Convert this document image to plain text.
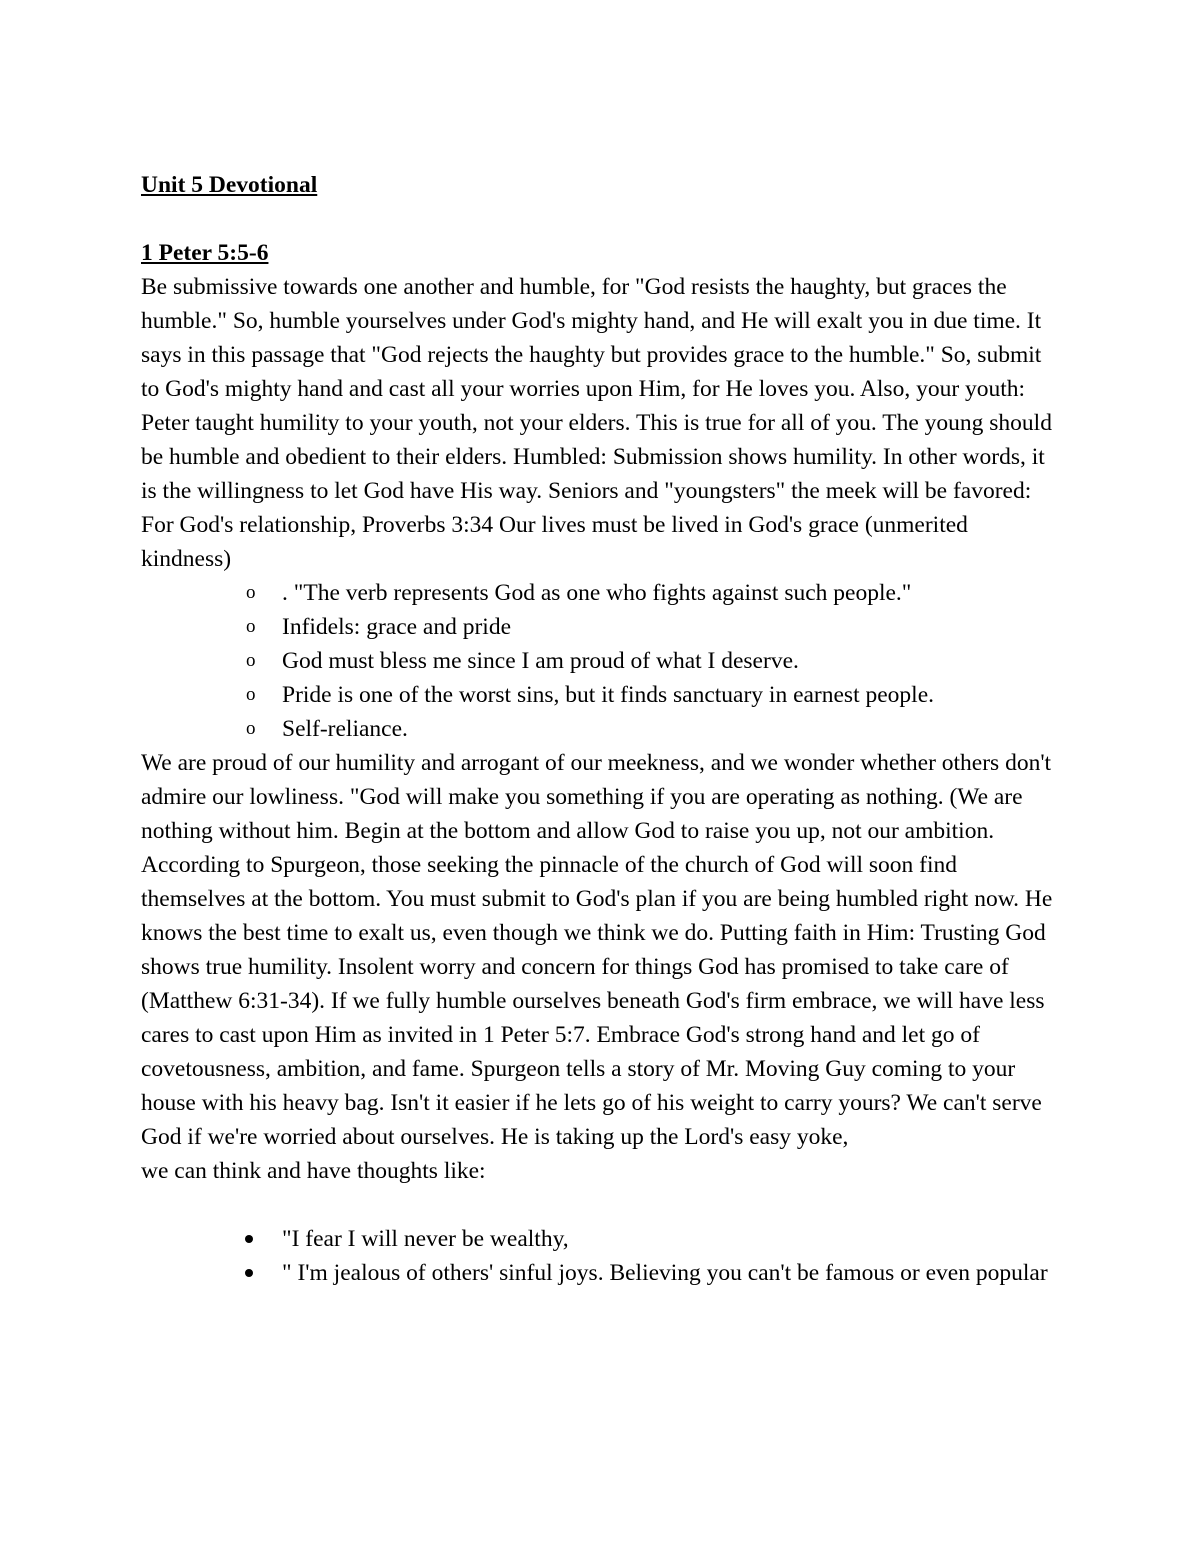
Unit 5 Devotional
1 Peter 5:5-6

Be submissive towards one another and humble, for "God resists the haughty, but graces the humble." So, humble yourselves under God's mighty hand, and He will exalt you in due time. It says in this passage that "God rejects the haughty but provides grace to the humble." So, submit to God's mighty hand and cast all your worries upon Him, for He loves you. Also, your youth: Peter taught humility to your youth, not your elders. This is true for all of you. The young should be humble and obedient to their elders. Humbled: Submission shows humility. In other words, it is the willingness to let God have His way. Seniors and "youngsters" the meek will be favored: For God's relationship, Proverbs 3:34 Our lives must be lived in God's grace (unmerited kindness)

o . "The verb represents God as one who fights against such people."
o Infidels: grace and pride
o God must bless me since I am proud of what I deserve.
o Pride is one of the worst sins, but it finds sanctuary in earnest people.
o Self-reliance.

We are proud of our humility and arrogant of our meekness, and we wonder whether others don't admire our lowliness. "God will make you something if you are operating as nothing. (We are nothing without him. Begin at the bottom and allow God to raise you up, not our ambition. According to Spurgeon, those seeking the pinnacle of the church of God will soon find themselves at the bottom. You must submit to God's plan if you are being humbled right now. He knows the best time to exalt us, even though we think we do. Putting faith in Him: Trusting God shows true humility. Insolent worry and concern for things God has promised to take care of (Matthew 6:31-34). If we fully humble ourselves beneath God's firm embrace, we will have less cares to cast upon Him as invited in 1 Peter 5:7. Embrace God's strong hand and let go of covetousness, ambition, and fame. Spurgeon tells a story of Mr. Moving Guy coming to your house with his heavy bag. Isn't it easier if he lets go of his weight to carry yours? We can't serve God if we're worried about ourselves. He is taking up the Lord's easy yoke,

we can think and have thoughts like:

"I fear I will never be wealthy,
" I'm jealous of others' sinful joys. Believing you can't be famous or even popular
